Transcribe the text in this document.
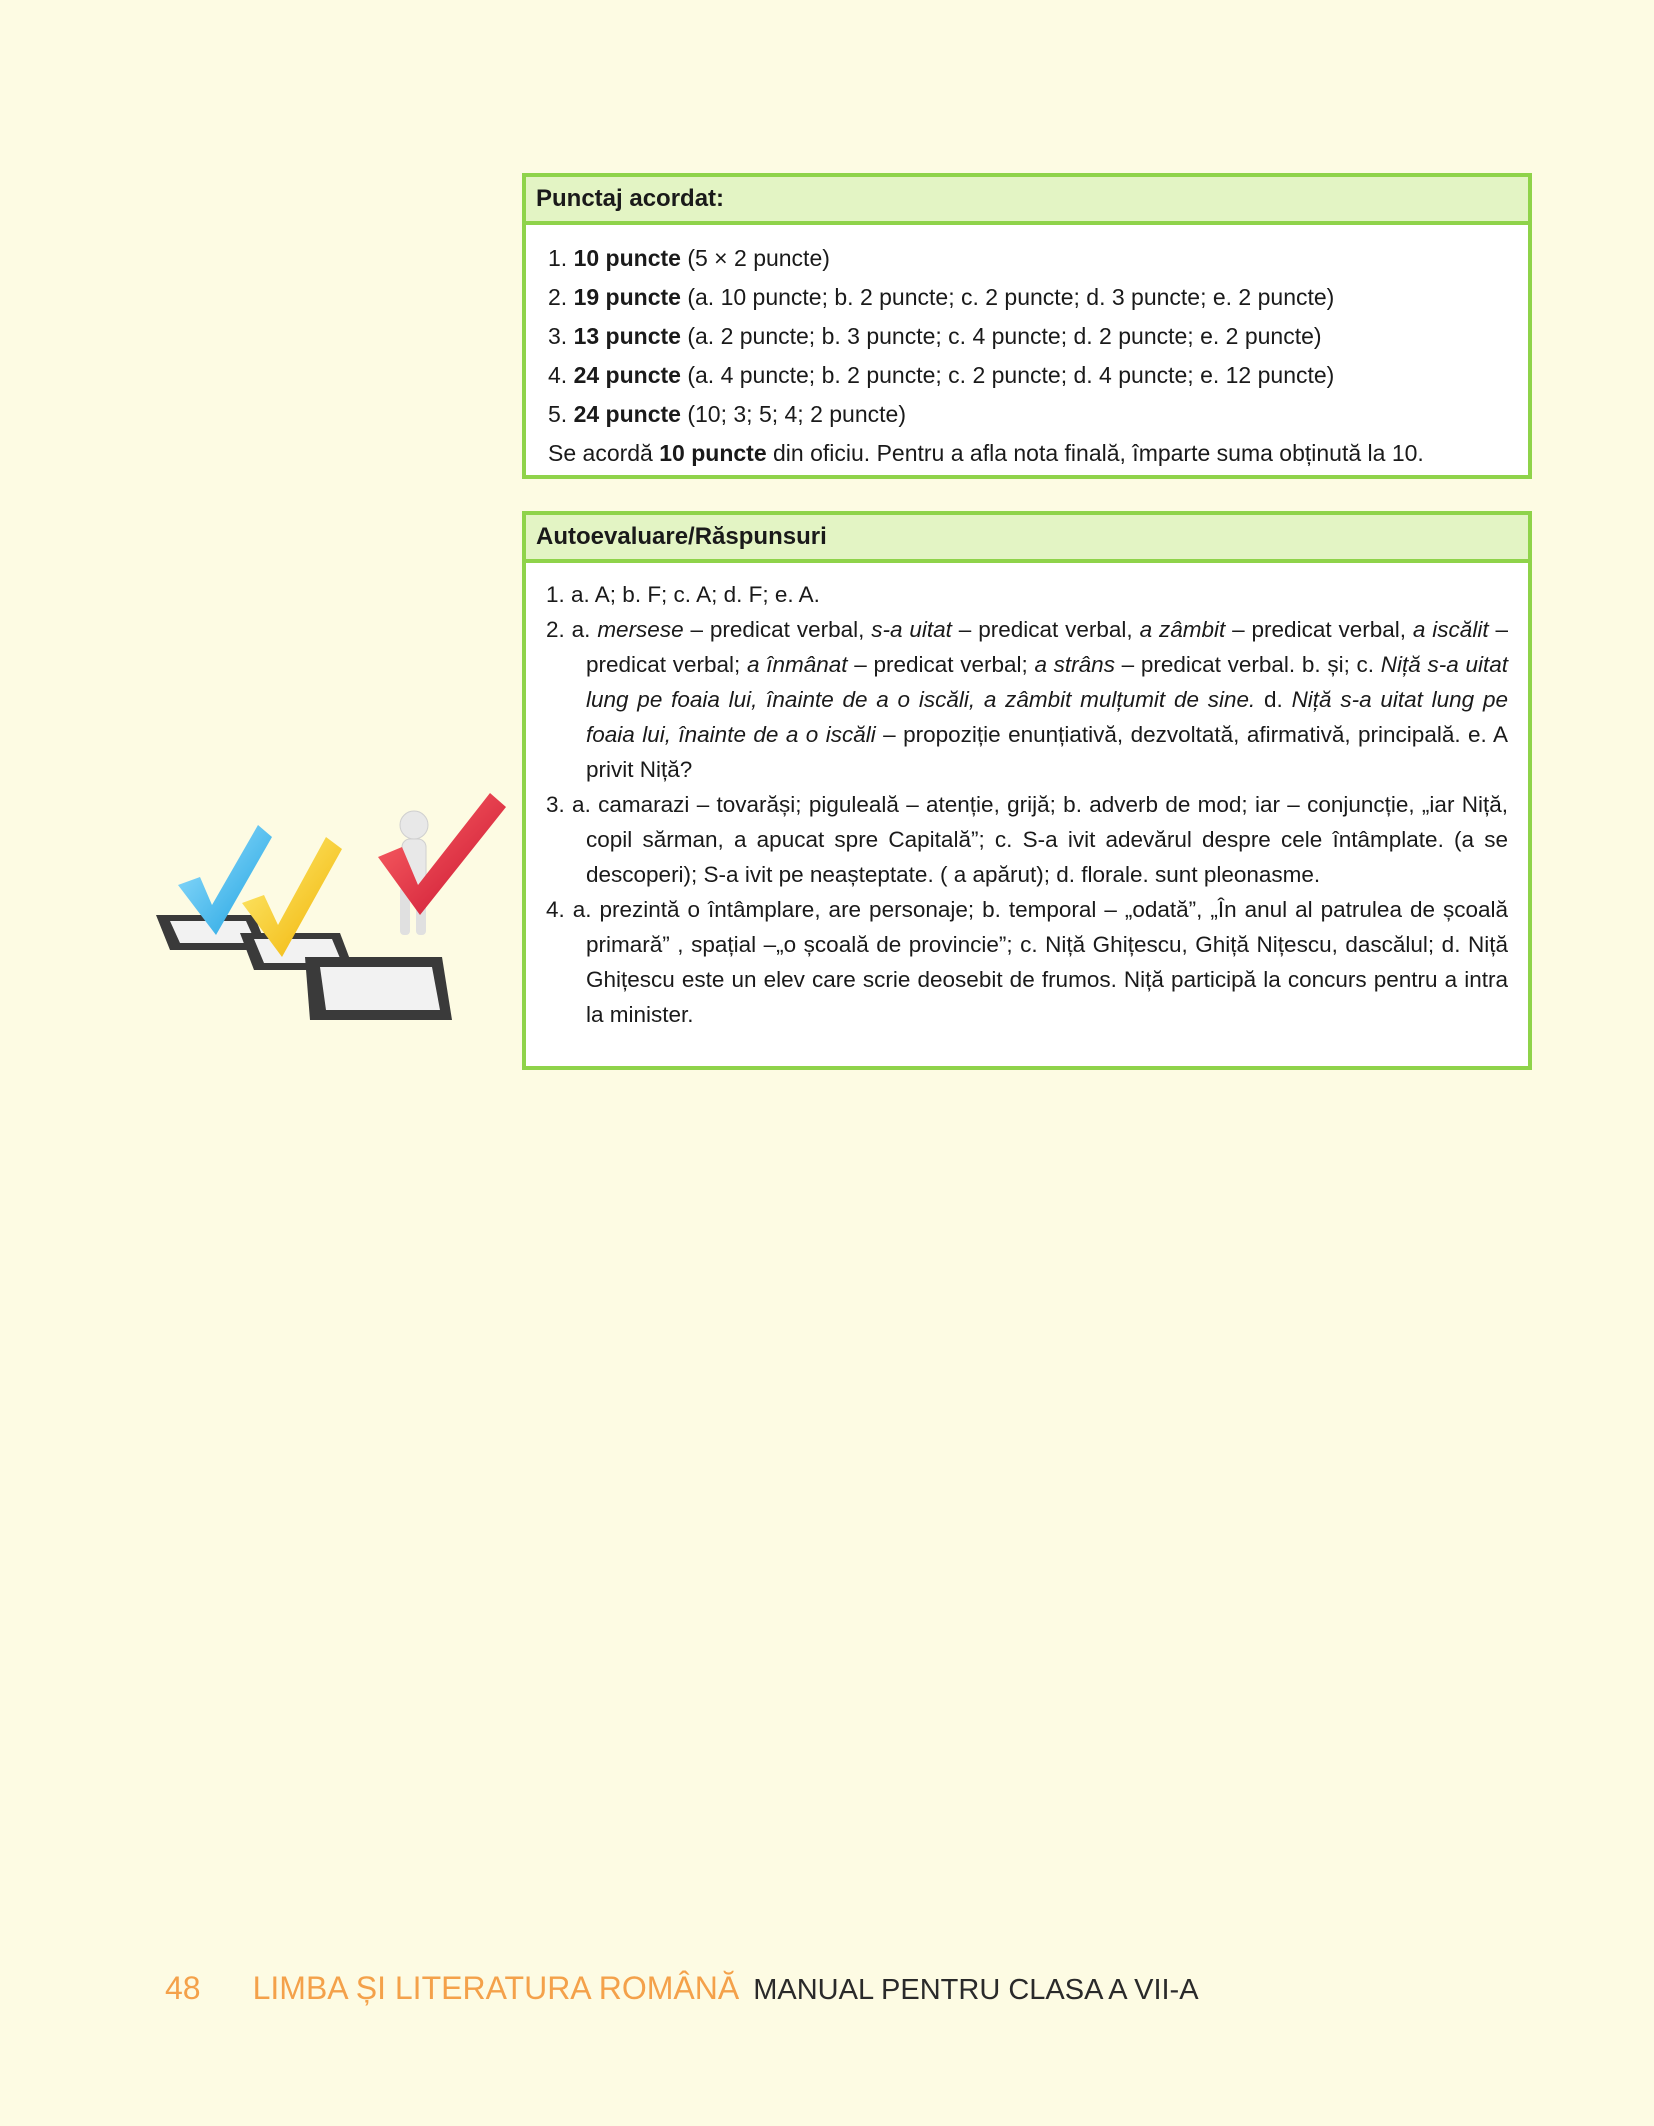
Punctaj acordat:
1. 10 puncte (5 × 2 puncte)
2. 19 puncte (a. 10 puncte; b. 2 puncte; c. 2 puncte; d. 3 puncte; e. 2 puncte)
3. 13 puncte (a. 2 puncte; b. 3 puncte; c. 4 puncte; d. 2 puncte; e. 2 puncte)
4. 24 puncte (a. 4 puncte; b. 2 puncte; c. 2 puncte; d. 4 puncte; e. 12 puncte)
5. 24 puncte (10; 3; 5; 4; 2 puncte)
Se acordă 10 puncte din oficiu. Pentru a afla nota finală, împarte suma obținută la 10.
Autoevaluare/Răspunsuri
1. a. A; b. F; c. A; d. F; e. A.
2. a. mersese – predicat verbal, s-a uitat – predicat verbal, a zâmbit – predicat verbal, a iscălit – predicat verbal; a înmânat – predicat verbal; a strâns – predicat verbal. b. și; c. Niță s-a uitat lung pe foaia lui, înainte de a o iscăli, a zâmbit mulțumit de sine. d. Niță s-a uitat lung pe foaia lui, înainte de a o iscăli – propoziție enunțiativă, dezvoltată, afirmativă, principală. e. A privit Niță?
3. a. camarazi – tovarăși; piguleală – atenție, grijă; b. adverb de mod; iar – conjuncție, „iar Niță, copil sărman, a apucat spre Capitală”; c. S-a ivit adevărul despre cele întâmplate. (a se descoperi); S-a ivit pe neașteptate. ( a apărut); d. florale. sunt pleonasme.
4. a. prezintă o întâmplare, are personaje; b. temporal – „odată”, „În anul al patrulea de școală primară” , spațial –„o școală de provincie”; c. Niță Ghițescu, Ghiță Nițescu, dascălul; d. Niță Ghițescu este un elev care scrie deosebit de frumos. Niță participă la concurs pentru a intra la minister.
48 LIMBA ȘI LITERATURA ROMÂNĂ MANUAL PENTRU CLASA A VII-A
